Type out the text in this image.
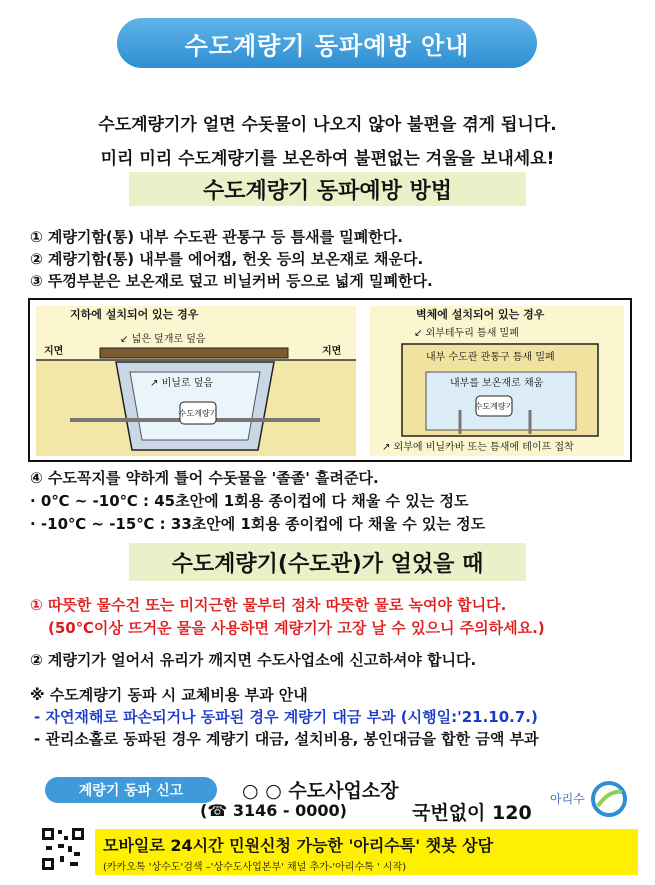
수도계량기 동파예방 안내
수도계량기가 얼면 수돗물이 나오지 않아 불편을 겪게 됩니다.
미리 미리 수도계량기를 보온하여 불편없는 겨울을 보내세요!
수도계량기 동파예방 방법
① 계량기함(통) 내부 수도관 관통구 등 틈새를 밀폐한다.
② 계량기함(통) 내부를 에어캡, 헌옷 등의 보온재로 채운다.
③ 뚜껑부분은 보온재로 덮고 비닐커버 등으로 넓게 밀폐한다.
지하에 설치되어 있는 경우
지면	지면
↙ 넓은 덮개로 덮음
↗ 비닐로 덮음
수도계량기
벽체에 설치되어 있는 경우
↙ 외부테두리 틈새 밀폐
내부 수도관 관통구 틈새 밀폐
내부를 보온재로 채움
수도계량기
↗ 외부에 비닐카바 또는 틈새에 테이프 접착
④ 수도꼭지를 약하게 틀어 수돗물을 '졸졸' 흘려준다.
· 0℃ ~ -10℃ : 45초안에 1회용 종이컵에 다 채울 수 있는 정도
· -10℃ ~ -15℃ : 33초안에 1회용 종이컵에 다 채울 수 있는 정도
수도계량기(수도관)가 얼었을 때
① 따뜻한 물수건 또는 미지근한 물부터 점차 따뜻한 물로 녹여야 합니다.
(50℃이상 뜨거운 물을 사용하면 계량기가 고장 날 수 있으니 주의하세요.)
② 계량기가 얼어서 유리가 깨지면 수도사업소에 신고하셔야 합니다.
※ 수도계량기 동파 시 교체비용 부과 안내
- 자연재해로 파손되거나 동파된 경우 계량기 대금 부과 (시행일:'21.10.7.)
- 관리소홀로 동파된 경우 계량기 대금, 설치비용, 봉인대금을 합한 금액 부과
계량기 동파 신고	○ ○ 수도사업소장
(☎ 3146 - 0000)	국번없이 120
아리수
모바일로 24시간 민원신청 가능한 '아리수톡' 챗봇 상담
(카카오톡 '상수도'검색 –'상수도사업본부' 채널 추가-'아리수톡 ' 시작)
